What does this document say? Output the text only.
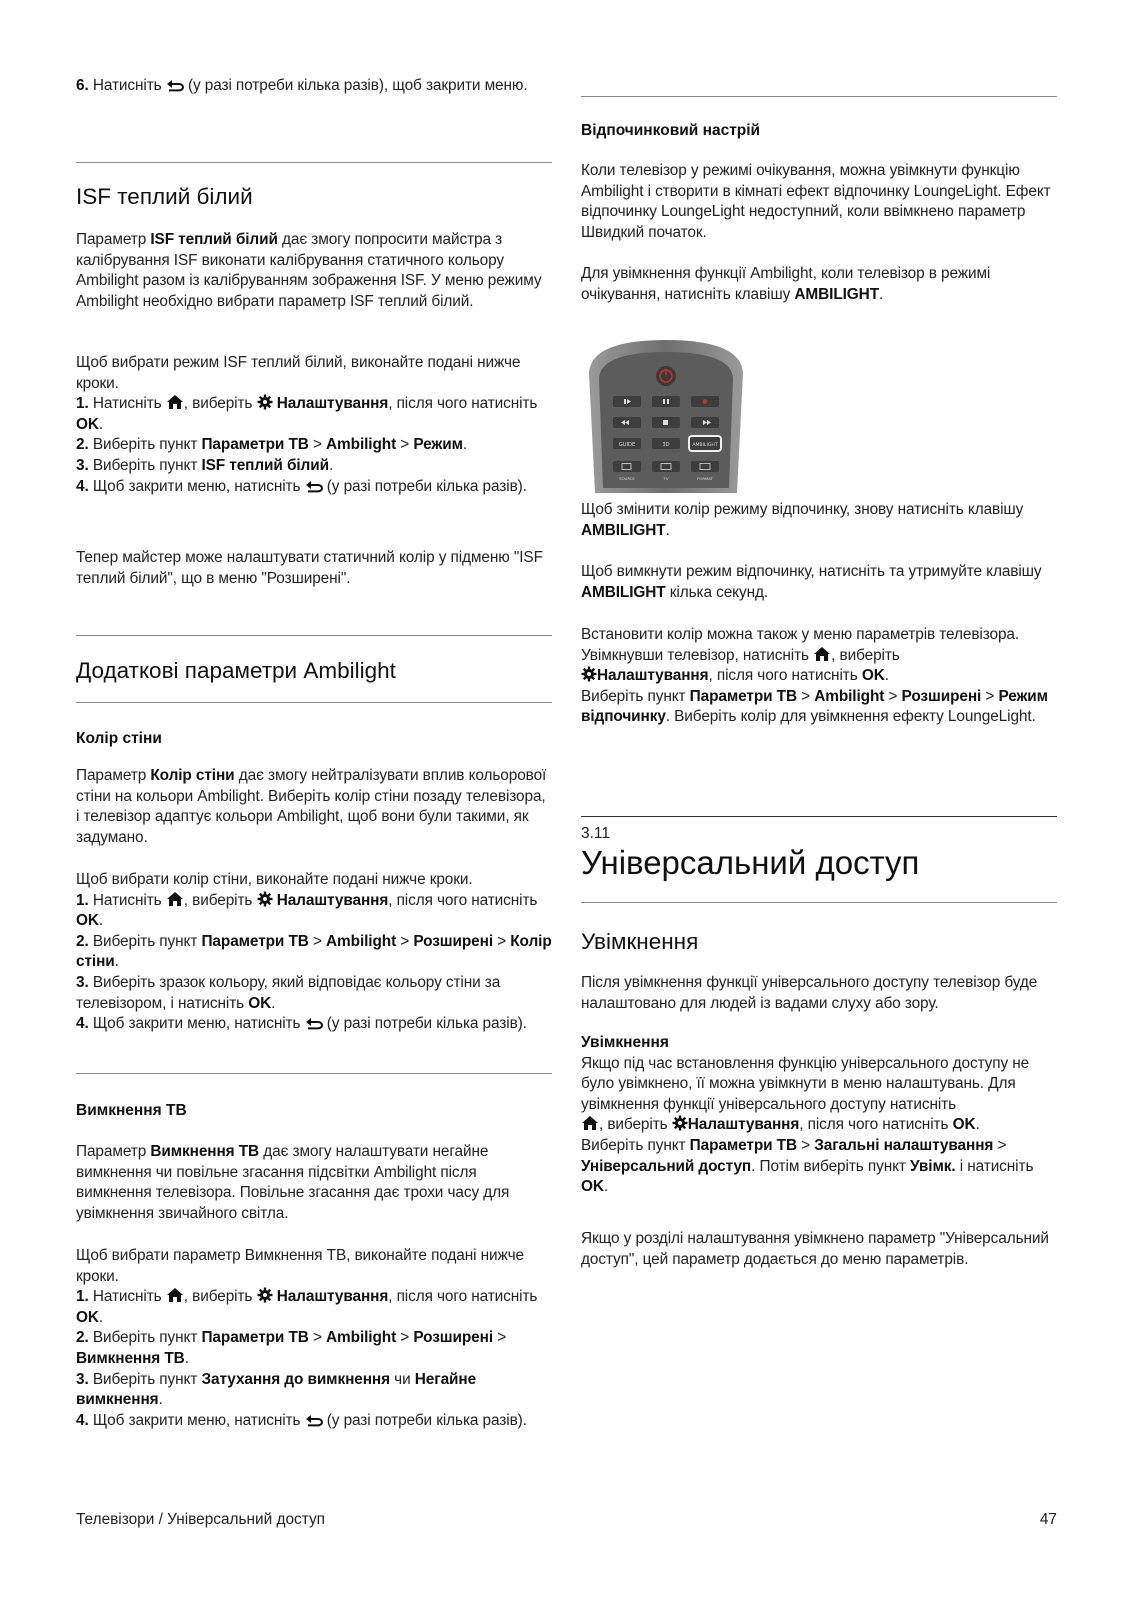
6. Натисніть  (у разі потреби кілька разів), щоб закрити меню.

ISF теплий білий

Параметр ISF теплий білий дає змогу попросити майстра з калібрування ISF виконати калібрування статичного кольору Ambilight разом із калібруванням зображення ISF. У меню режиму Ambilight необхідно вибрати параметр ISF теплий білий.

Щоб вибрати режим ISF теплий білий, виконайте подані нижче кроки.

1. Натисніть , виберіть  Налаштування, після чого натисніть OK.

2. Виберіть пункт Параметри ТВ > Ambilight > Режим.

3. Виберіть пункт ISF теплий білий.

4. Щоб закрити меню, натисніть  (у разі потреби кілька разів).

Тепер майстер може налаштувати статичний колір у підменю "ISF теплий білий", що в меню "Розширені".

Додаткові параметри Ambilight
Колір стіни

Параметр Колір стіни дає змогу нейтралізувати вплив кольорової стіни на кольори Ambilight. Виберіть колір стіни позаду телевізора, і телевізор адаптує кольори Ambilight, щоб вони були такими, як задумано.

Щоб вибрати колір стіни, виконайте подані нижче кроки.

1. Натисніть , виберіть  Налаштування, після чого натисніть OK.

2. Виберіть пункт Параметри ТВ > Ambilight > Розширені > Колір стіни.

3. Виберіть зразок кольору, який відповідає кольору стіни за телевізором, і натисніть OK.

4. Щоб закрити меню, натисніть  (у разі потреби кілька разів).

Вимкнення ТВ

Параметр Вимкнення ТВ дає змогу налаштувати негайне вимкнення чи повільне згасання підсвітки Ambilight після вимкнення телевізора. Повільне згасання дає трохи часу для увімкнення звичайного світла.

Щоб вибрати параметр Вимкнення ТВ, виконайте подані нижче кроки.

1. Натисніть , виберіть  Налаштування, після чого натисніть OK.

2. Виберіть пункт Параметри ТВ > Ambilight > Розширені > Вимкнення ТВ.

3. Виберіть пункт Затухання до вимкнення чи Негайне вимкнення.

4. Щоб закрити меню, натисніть  (у разі потреби кілька разів).

Відпочинковий настрій

Коли телевізор у режимі очікування, можна увімкнути функцію Ambilight і створити в кімнаті ефект відпочинку LoungeLight. Ефект відпочинку LoungeLight недоступний, коли ввімкнено параметр Швидкий початок.

Для увімкнення функції Ambilight, коли телевізор в режимі очікування, натисніть клавішу AMBILIGHT.

GUIDE	3D	AMBILIGHT
SOURCE	TV	FORMAT

Щоб змінити колір режиму відпочинку, знову натисніть клавішу AMBILIGHT.

Щоб вимкнути режим відпочинку, натисніть та утримуйте клавішу AMBILIGHT кілька секунд.

Встановити колір можна також у меню параметрів телевізора.
Увімкнувши телевізор, натисніть , виберіть
Налаштування, після чого натисніть OK.
Виберіть пункт Параметри ТВ > Ambilight > Розширені > Режим відпочинку. Виберіть колір для увімкнення ефекту LoungeLight.

3.11
Універсальний доступ
Увімкнення

Після увімкнення функції універсального доступу телевізор буде налаштовано для людей із вадами слуху або зору.

Увімкнення

Якщо під час встановлення функцію універсального доступу не було увімкнено, її можна увімкнути в меню налаштувань. Для увімкнення функції універсального доступу натисніть
, виберіть Налаштування, після чого натисніть OK.
Виберіть пункт Параметри ТВ > Загальні налаштування > Універсальний доступ. Потім виберіть пункт Увімк. і натисніть OK.

Якщо у розділі налаштування увімкнено параметр "Універсальний доступ", цей параметр додається до меню параметрів.

Телевізори / Універсальний доступ	47
